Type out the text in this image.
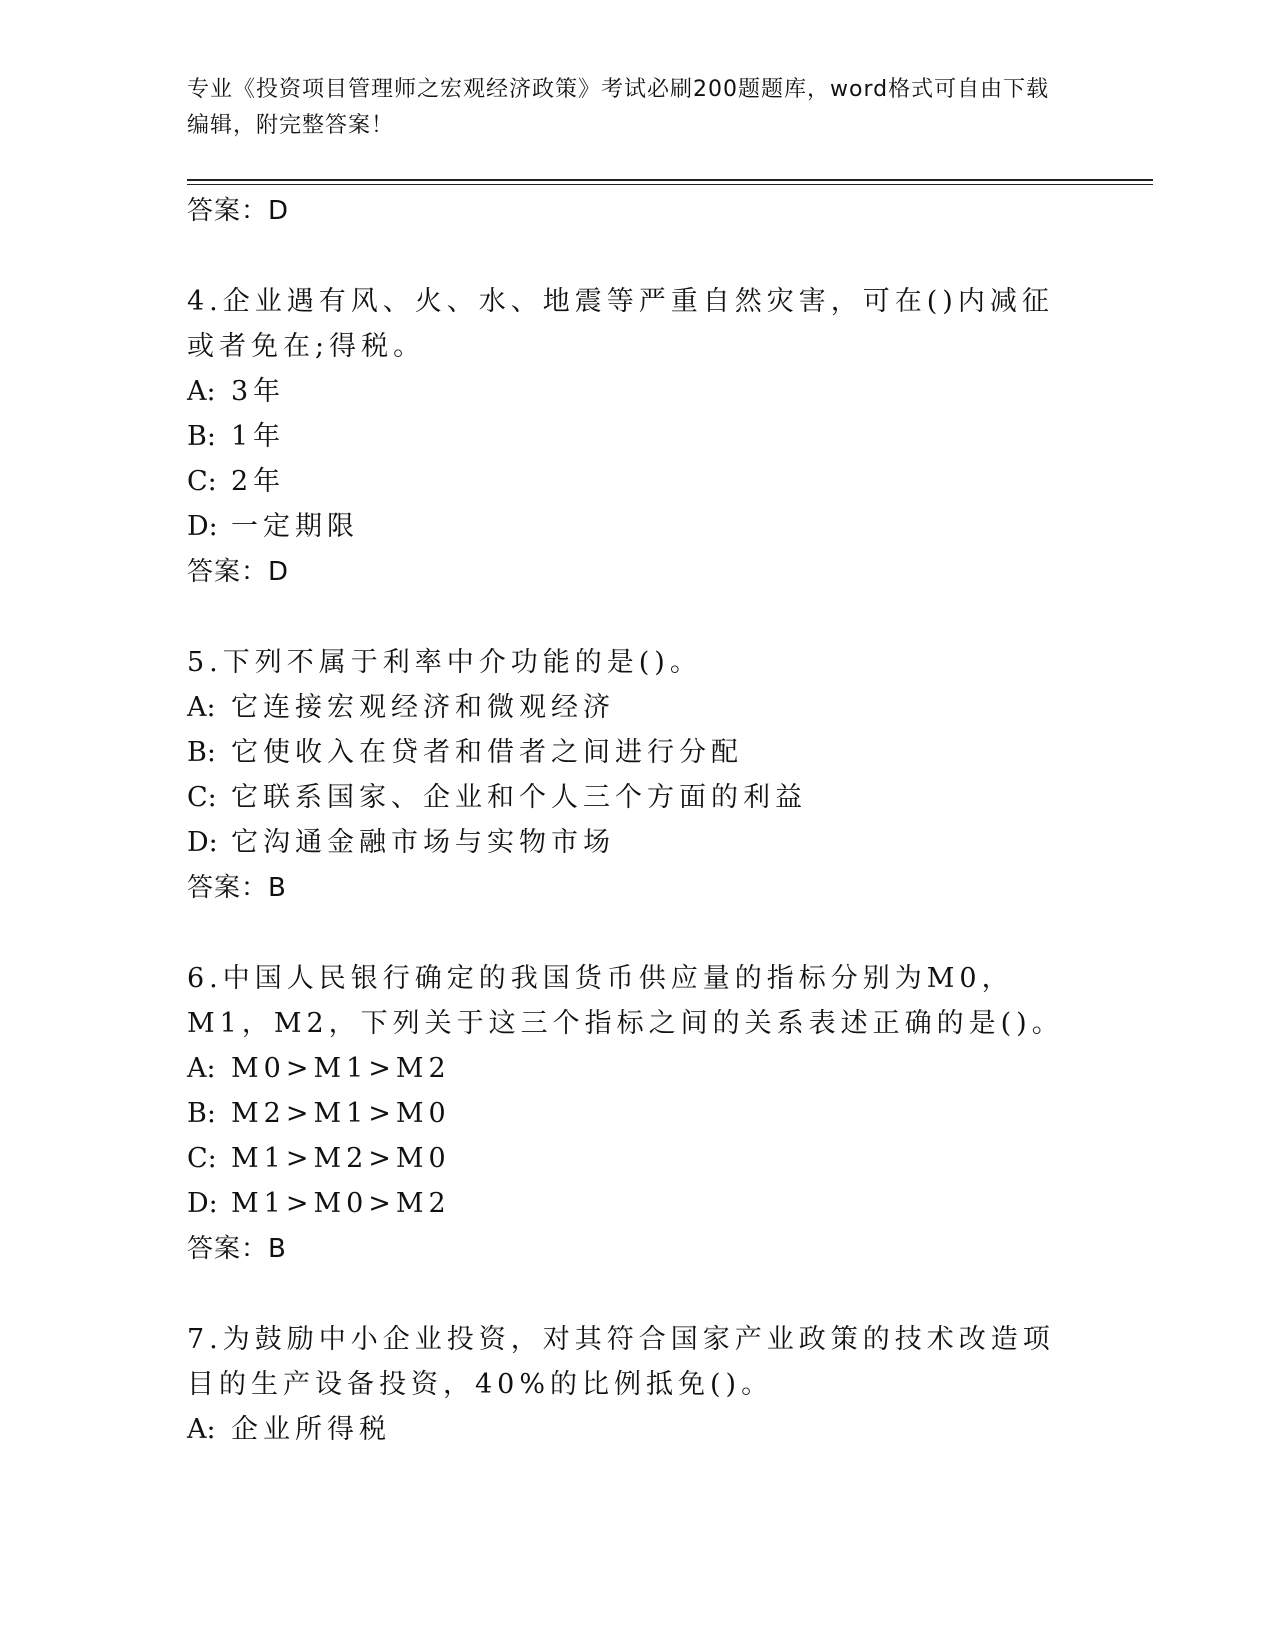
专业《投资项目管理师之宏观经济政策》考试必刷200题题库，word格式可自由下载编辑，附完整答案！
答案：D
4.企业遇有风、火、水、地震等严重自然灾害，可在()内减征或者免在;得税。
A: 3年
B: 1年
C: 2年
D: 一定期限
答案：D
5.下列不属于利率中介功能的是()。
A: 它连接宏观经济和微观经济
B: 它使收入在贷者和借者之间进行分配
C: 它联系国家、企业和个人三个方面的利益
D: 它沟通金融市场与实物市场
答案：B
6.中国人民银行确定的我国货币供应量的指标分别为M0，M1，M2，下列关于这三个指标之间的关系表述正确的是()。
A: M0>M1>M2
B: M2>M1>M0
C: M1>M2>M0
D: M1>M0>M2
答案：B
7.为鼓励中小企业投资，对其符合国家产业政策的技术改造项目的生产设备投资，40%的比例抵免()。
A: 企业所得税
